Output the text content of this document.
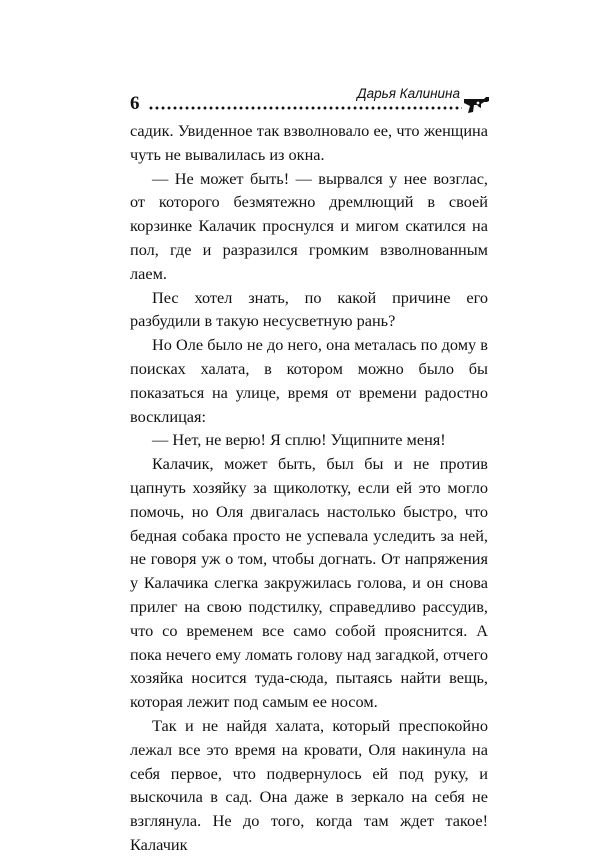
6	Дарья Калинина

садик. Увиденное так взволновало ее, что женщина чуть не вывалилась из окна.

— Не может быть! — вырвался у нее возглас, от которого безмятежно дремлющий в своей корзинке Калачик проснулся и мигом скатился на пол, где и разразился громким взволнованным лаем.

Пес хотел знать, по какой причине его разбудили в такую несусветную рань?

Но Оле было не до него, она металась по дому в поисках халата, в котором можно было бы показаться на улице, время от времени радостно восклицая:

— Нет, не верю! Я сплю! Ущипните меня!

Калачик, может быть, был бы и не против цапнуть хозяйку за щиколотку, если ей это могло помочь, но Оля двигалась настолько быстро, что бедная собака просто не успевала уследить за ней, не говоря уж о том, чтобы догнать. От напряжения у Калачика слегка закружилась голова, и он снова прилег на свою подстилку, справедливо рассудив, что со временем все само собой прояснится. А пока нечего ему ломать голову над загадкой, отчего хозяйка носится туда-сюда, пытаясь найти вещь, которая лежит под самым ее носом.

Так и не найдя халата, который преспокойно лежал все это время на кровати, Оля накинула на себя первое, что подвернулось ей под руку, и выскочила в сад. Она даже в зеркало на себя не взглянула. Не до того, когда там ждет такое! Калачик
